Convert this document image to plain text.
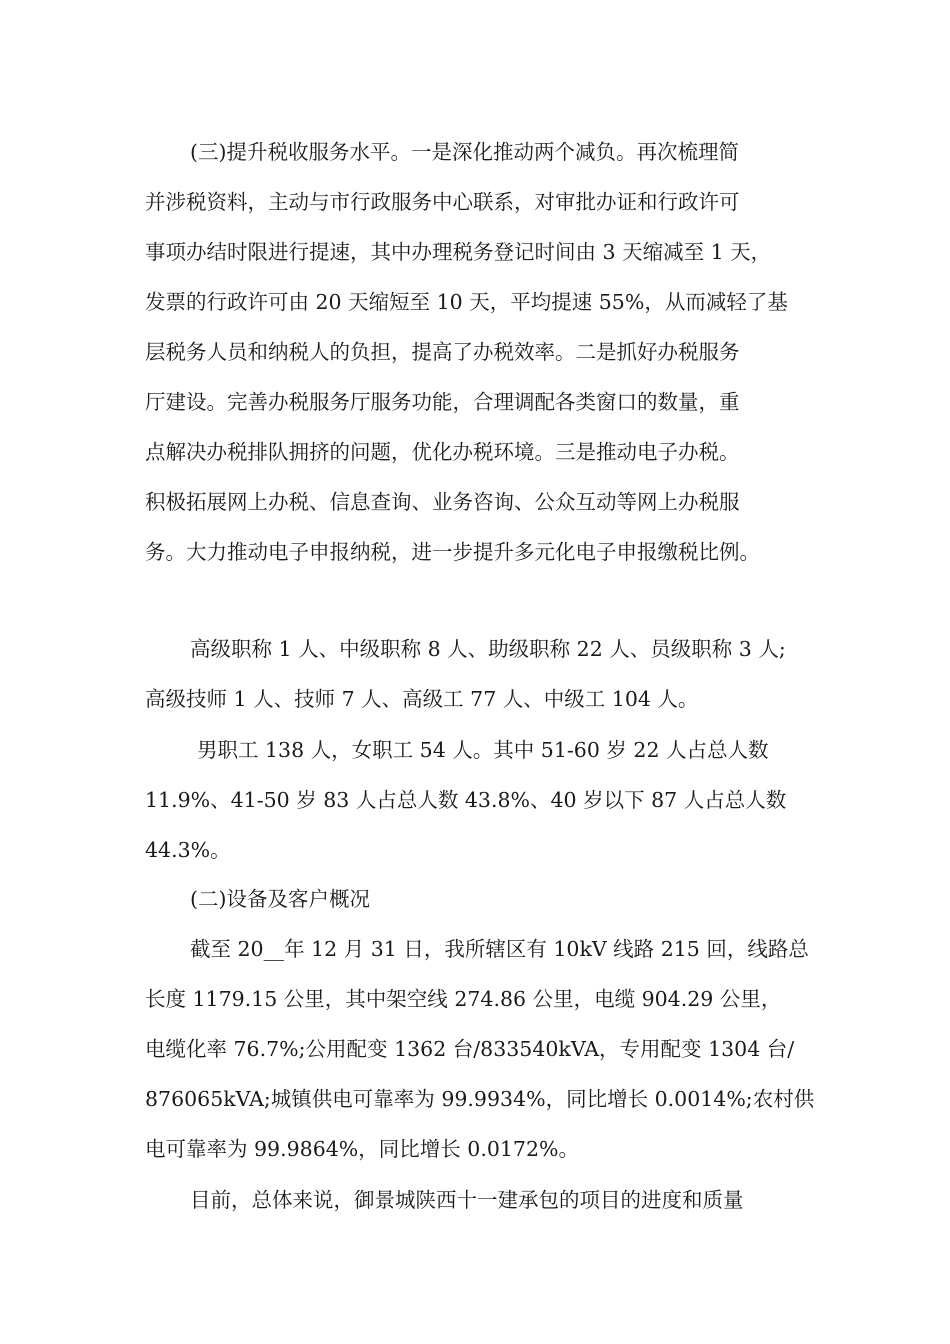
(三)提升税收服务水平。一是深化推动两个减负。再次梳理简

并涉税资料，主动与市行政服务中心联系，对审批办证和行政许可

事项办结时限进行提速，其中办理税务登记时间由 3 天缩减至 1 天，

发票的行政许可由 20 天缩短至 10 天，平均提速 55%，从而减轻了基

层税务人员和纳税人的负担，提高了办税效率。二是抓好办税服务

厅建设。完善办税服务厅服务功能，合理调配各类窗口的数量，重

点解决办税排队拥挤的问题，优化办税环境。三是推动电子办税。

积极拓展网上办税、信息查询、业务咨询、公众互动等网上办税服

务。大力推动电子申报纳税，进一步提升多元化电子申报缴税比例。

高级职称 1 人、中级职称 8 人、助级职称 22 人、员级职称 3 人;

高级技师 1 人、技师 7 人、高级工 77 人、中级工 104 人。

男职工 138 人，女职工 54 人。其中 51-60 岁 22 人占总人数

11.9%、41-50 岁 83 人占总人数 43.8%、40 岁以下 87 人占总人数

44.3%。

(二)设备及客户概况

截至 20__年 12 月 31 日，我所辖区有 10kV 线路 215 回，线路总

长度 1179.15 公里，其中架空线 274.86 公里，电缆 904.29 公里，

电缆化率 76.7%;公用配变 1362 台/833540kVA，专用配变 1304 台/

876065kVA;城镇供电可靠率为 99.9934%，同比增长 0.0014%;农村供

电可靠率为 99.9864%，同比增长 0.0172%。

目前，总体来说，御景城陕西十一建承包的项目的进度和质量
